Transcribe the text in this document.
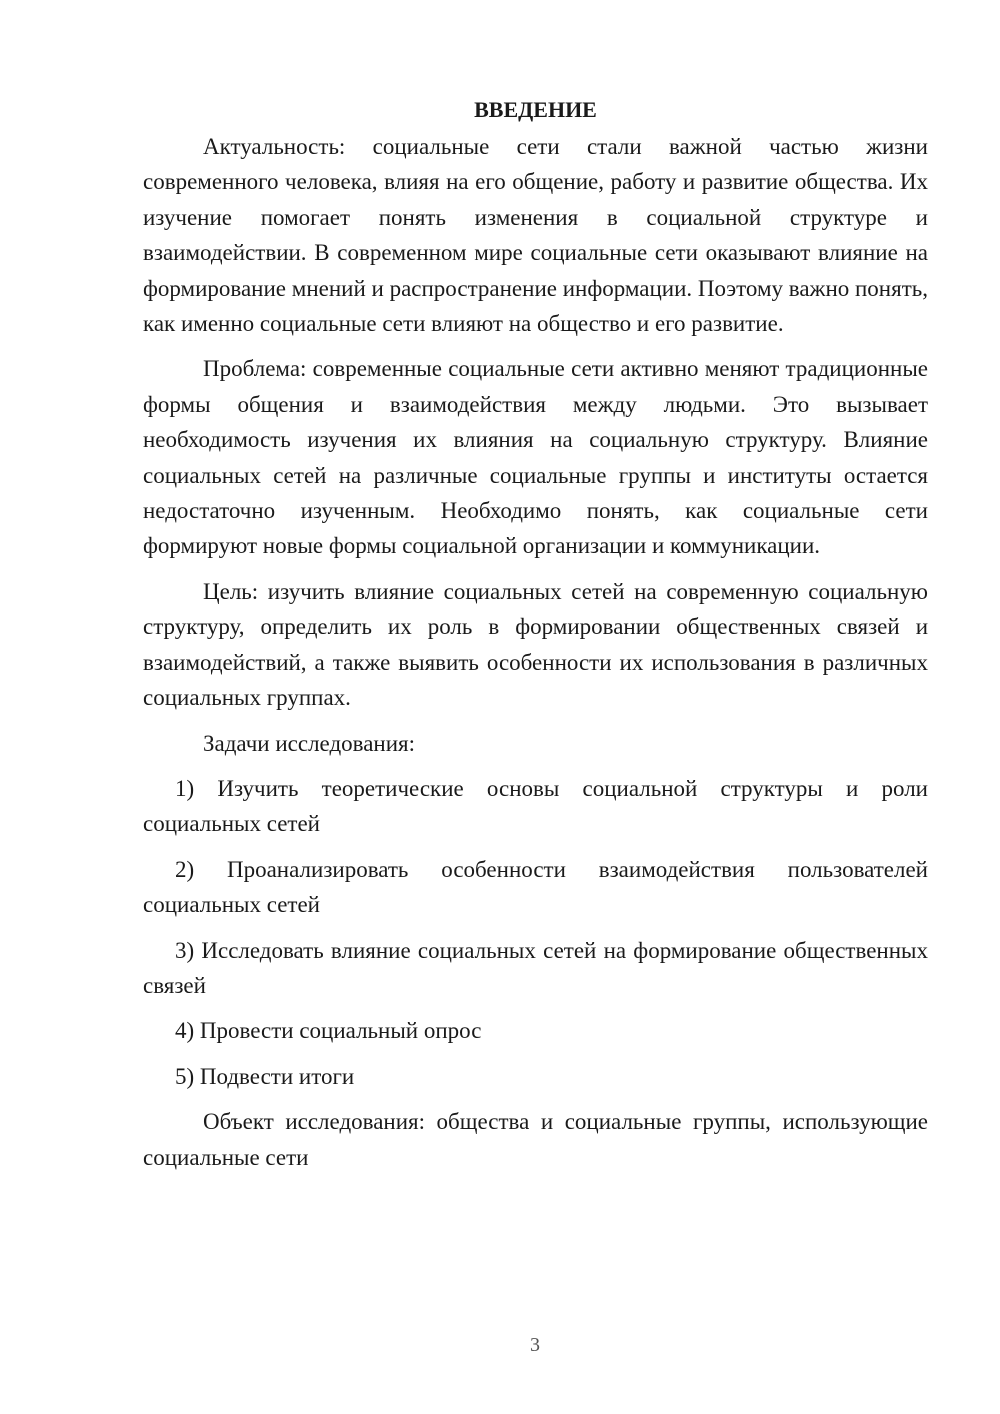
ВВЕДЕНИЕ

Актуальность: социальные сети стали важной частью жизни современного человека, влияя на его общение, работу и развитие общества. Их изучение помогает понять изменения в социальной структуре и взаимодействии. В современном мире социальные сети оказывают влияние на формирование мнений и распространение информации. Поэтому важно понять, как именно социальные сети влияют на общество и его развитие.

Проблема: современные социальные сети активно меняют традиционные формы общения и взаимодействия между людьми. Это вызывает необходимость изучения их влияния на социальную структуру. Влияние социальных сетей на различные социальные группы и институты остается недостаточно изученным. Необходимо понять, как социальные сети формируют новые формы социальной организации и коммуникации.

Цель: изучить влияние социальных сетей на современную социальную структуру, определить их роль в формировании общественных связей и взаимодействий, а также выявить особенности их использования в различных социальных группах.

Задачи исследования:

1) Изучить теоретические основы социальной структуры и роли социальных сетей

2) Проанализировать особенности взаимодействия пользователей социальных сетей

3) Исследовать влияние социальных сетей на формирование общественных связей

4) Провести социальный опрос

5) Подвести итоги

Объект исследования: общества и социальные группы, использующие социальные сети

3
